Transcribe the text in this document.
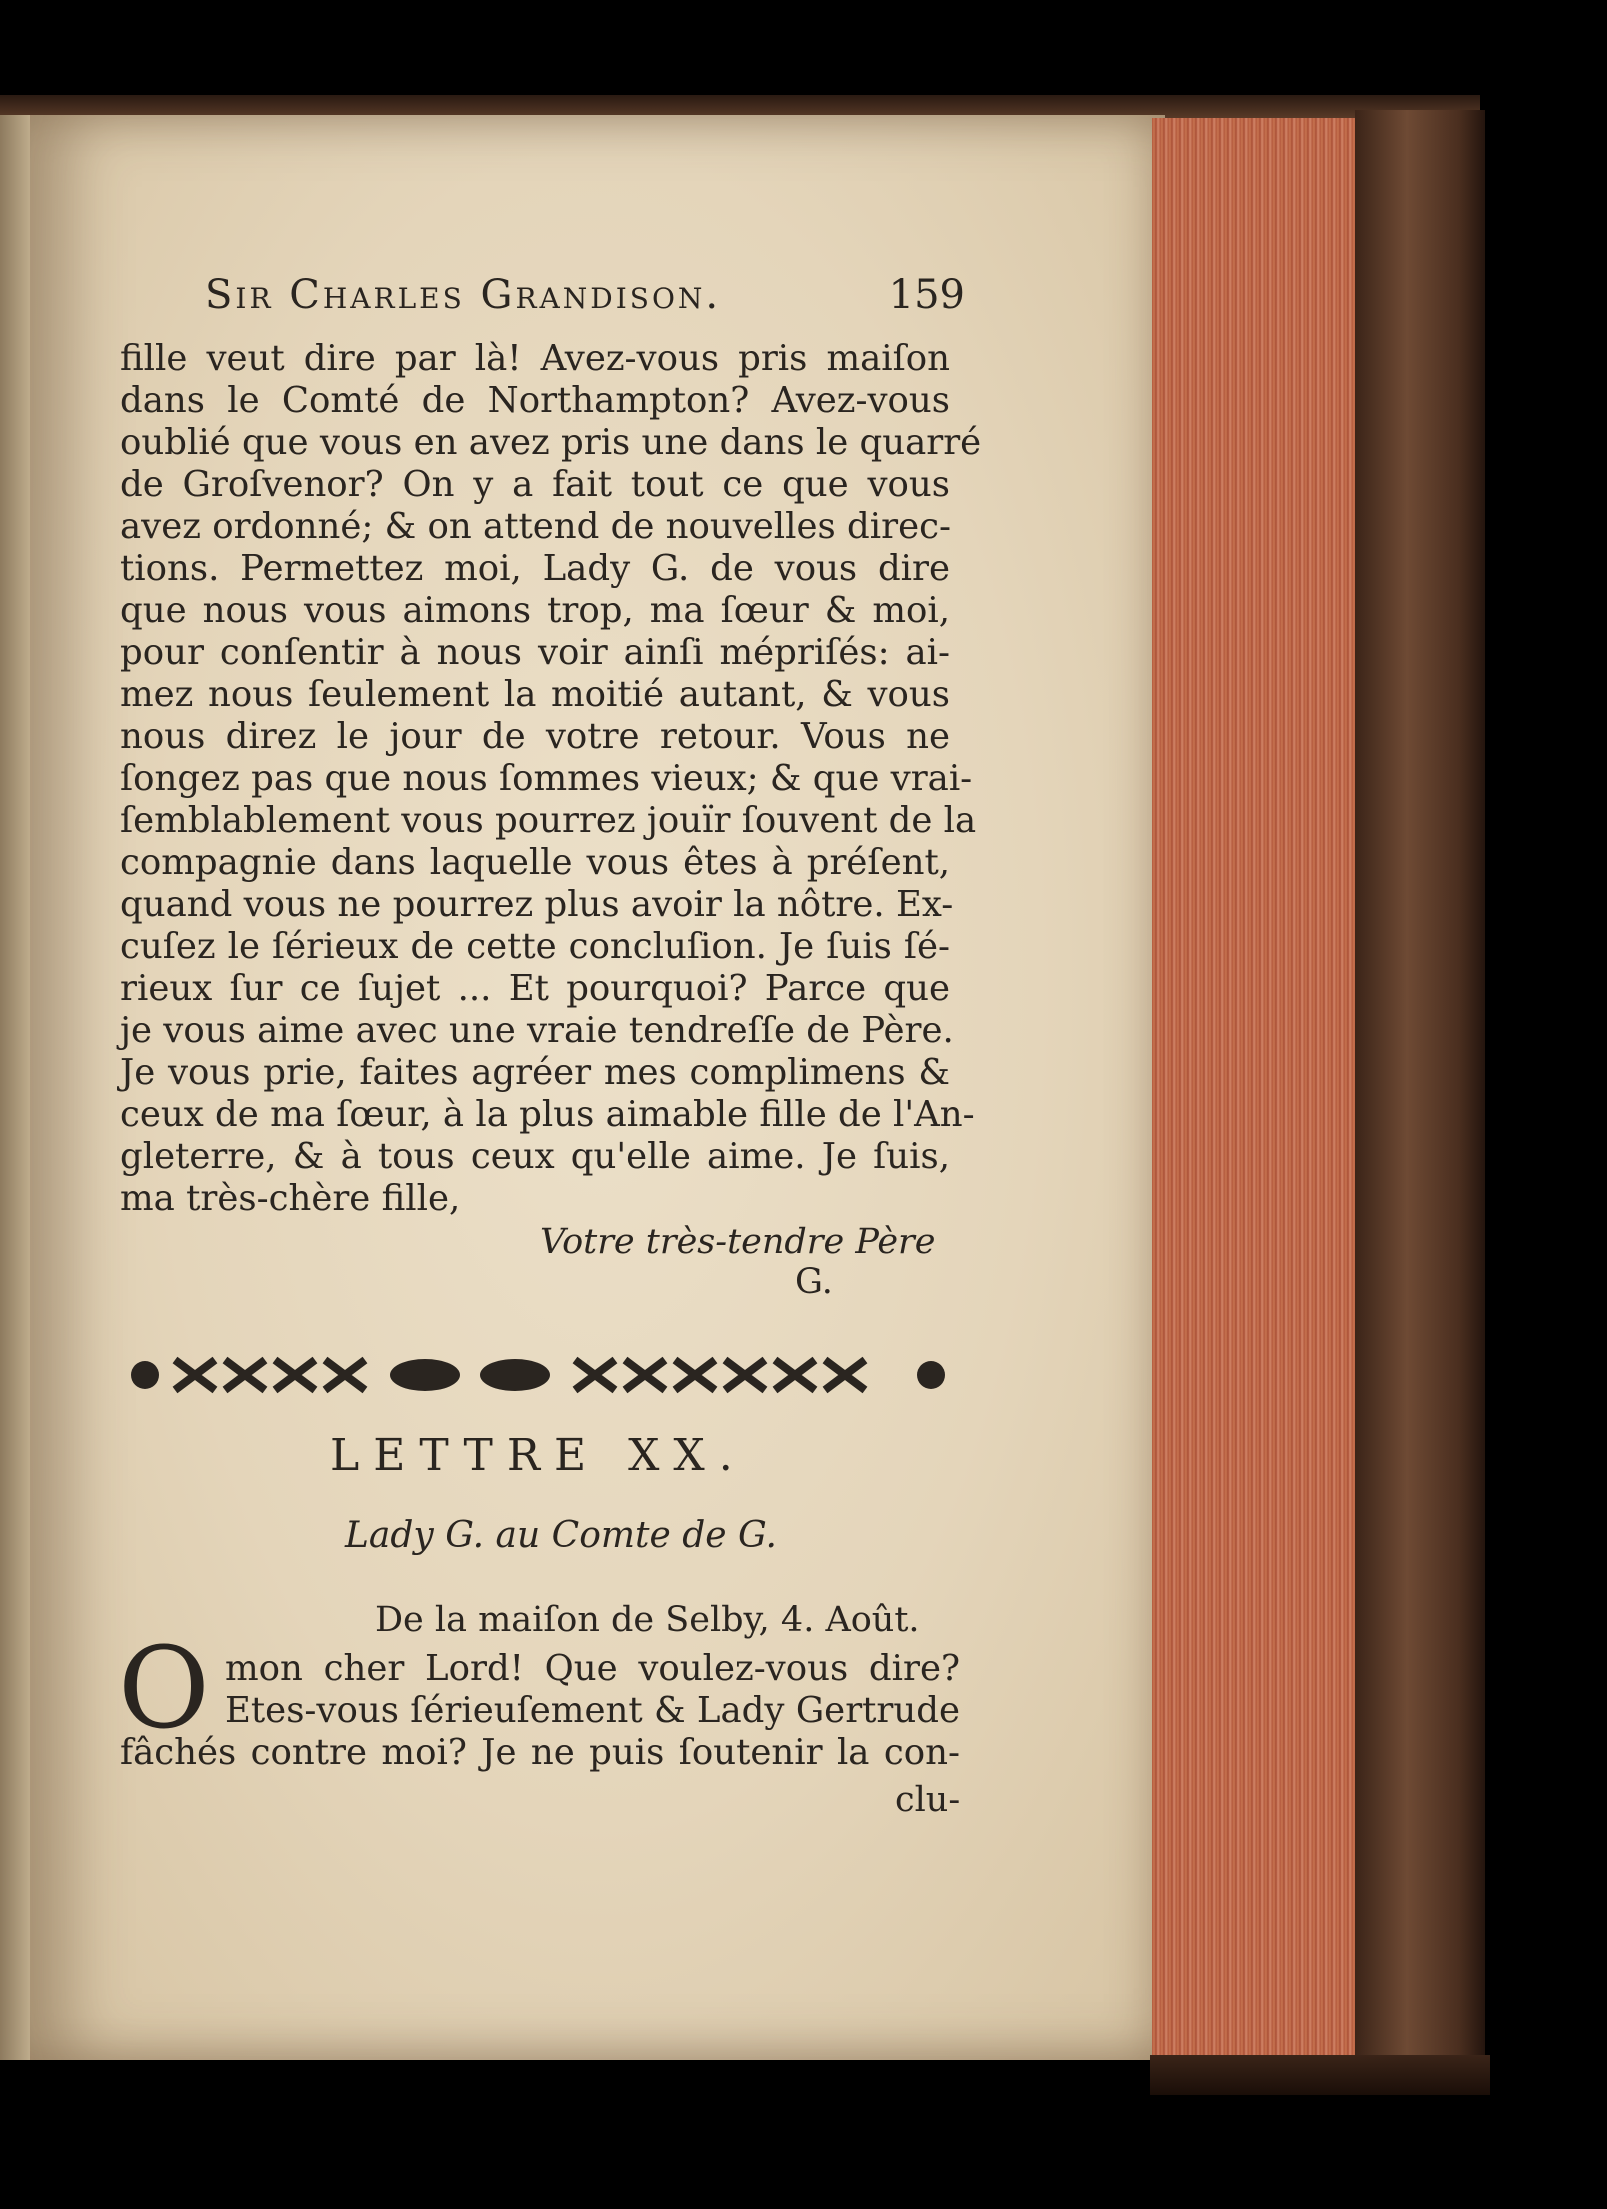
Sir Charles Grandison.	159
fille veut dire par là! Avez-vous pris maiſon
dans le Comté de Northampton? Avez-vous
oublié que vous en avez pris une dans le quarré
de Groſvenor? On y a fait tout ce que vous
avez ordonné; & on attend de nouvelles direc-
tions. Permettez moi, Lady G. de vous dire
que nous vous aimons trop, ma ſœur & moi,
pour conſentir à nous voir ainſi mépriſés: ai-
mez nous ſeulement la moitié autant, & vous
nous direz le jour de votre retour. Vous ne
ſongez pas que nous ſommes vieux; & que vrai-
ſemblablement vous pourrez jouïr ſouvent de la
compagnie dans laquelle vous êtes à préſent,
quand vous ne pourrez plus avoir la nôtre. Ex-
cuſez le ſérieux de cette concluſion. Je ſuis ſé-
rieux ſur ce ſujet ... Et pourquoi? Parce que
je vous aime avec une vraie tendreſſe de Père.
Je vous prie, faites agréer mes complimens &
ceux de ma ſœur, à la plus aimable fille de l'An-
gleterre, & à tous ceux qu'elle aime. Je ſuis,
ma très-chère fille,
Votre très-tendre Père
G.
LETTRE XX.
Lady G. au Comte de G.
De la maiſon de Selby, 4. Août.
O mon cher Lord! Que voulez-vous dire?
Etes-vous ſérieuſement & Lady Gertrude
fâchés contre moi? Je ne puis ſoutenir la con-
clu-
